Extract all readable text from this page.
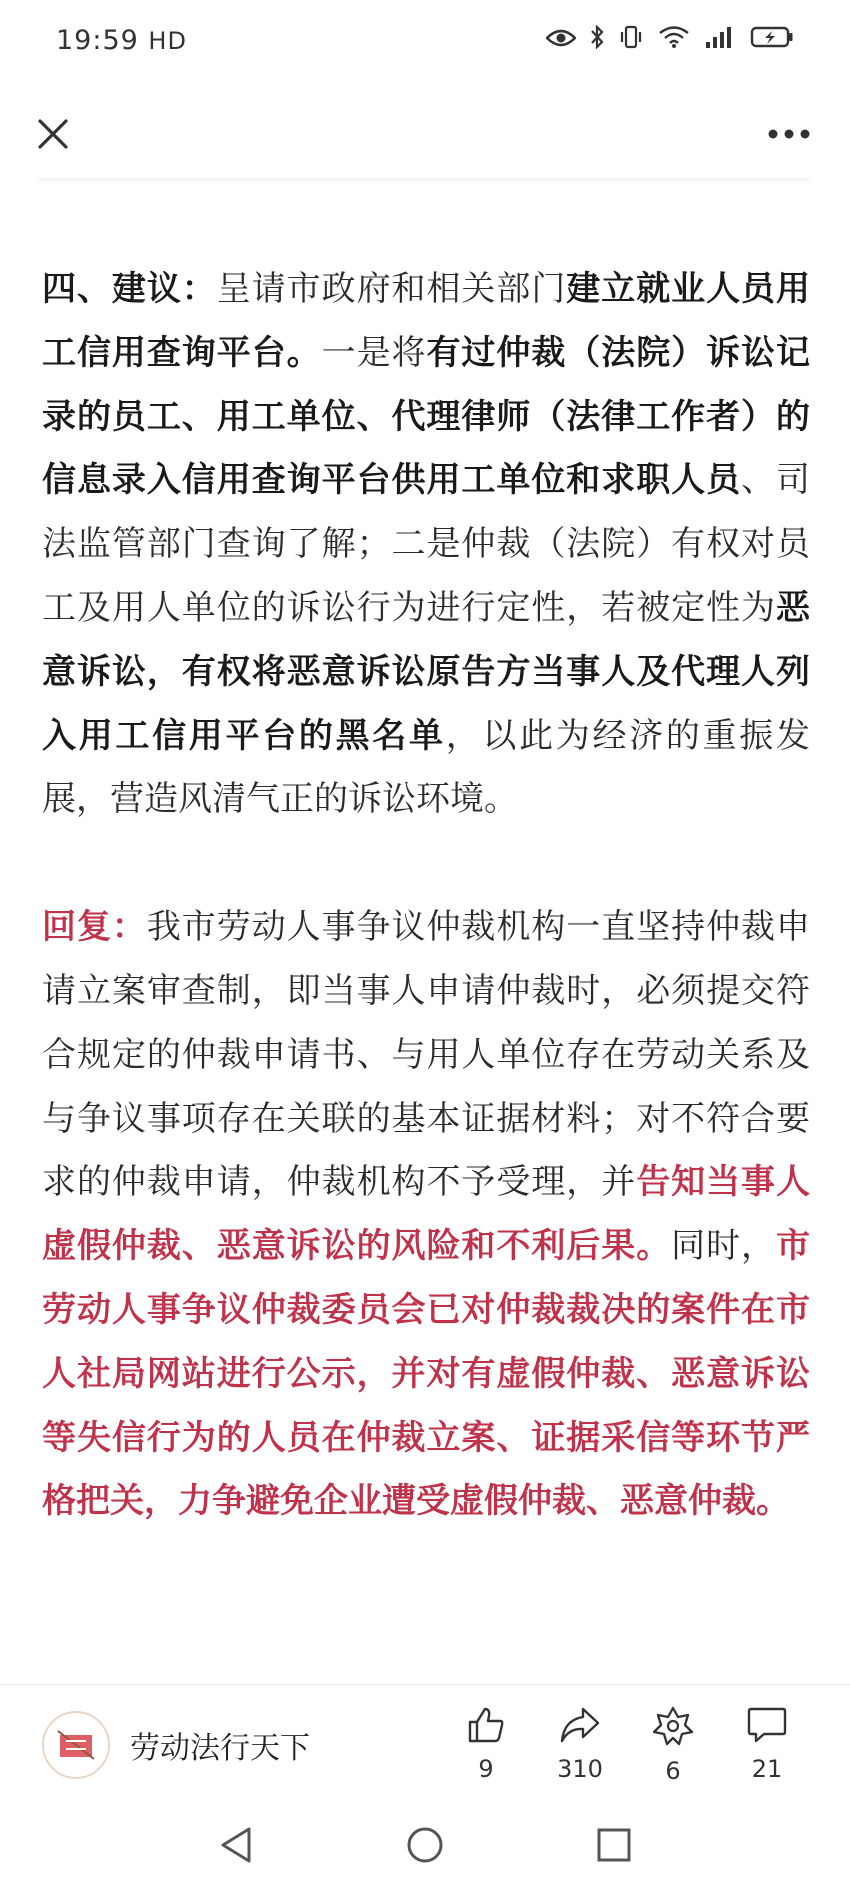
19:59 HD

四、建议：呈请市政府和相关部门建立就业人员用工信用查询平台。一是将有过仲裁（法院）诉讼记录的员工、用工单位、代理律师（法律工作者）的信息录入信用查询平台供用工单位和求职人员、司法监管部门查询了解；二是仲裁（法院）有权对员工及用人单位的诉讼行为进行定性，若被定性为恶意诉讼，有权将恶意诉讼原告方当事人及代理人列入用工信用平台的黑名单，以此为经济的重振发展，营造风清气正的诉讼环境。

回复：我市劳动人事争议仲裁机构一直坚持仲裁申请立案审查制，即当事人申请仲裁时，必须提交符合规定的仲裁申请书、与用人单位存在劳动关系及与争议事项存在关联的基本证据材料；对不符合要求的仲裁申请，仲裁机构不予受理，并告知当事人虚假仲裁、恶意诉讼的风险和不利后果。同时，市劳动人事争议仲裁委员会已对仲裁裁决的案件在市人社局网站进行公示，并对有虚假仲裁、恶意诉讼等失信行为的人员在仲裁立案、证据采信等环节严格把关，力争避免企业遭受虚假仲裁、恶意仲裁。

劳动法行天下
9	310	6	21
